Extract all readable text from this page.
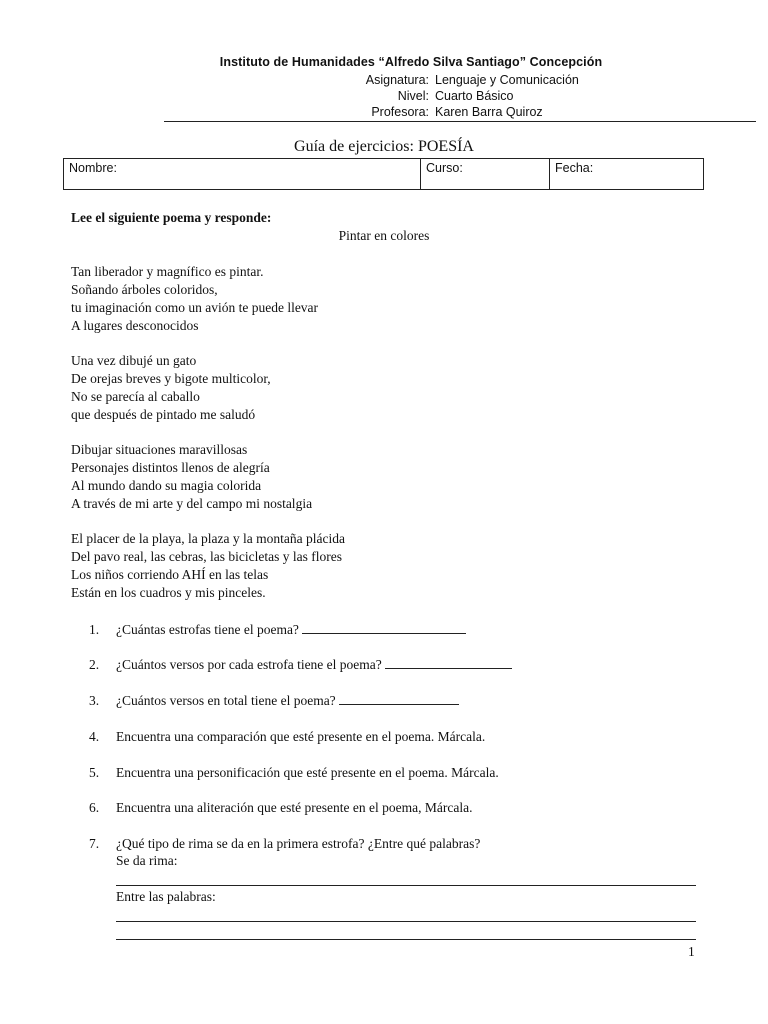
Instituto de Humanidades “Alfredo Silva Santiago” Concepción
Asignatura: Lenguaje y Comunicación
Nivel: Cuarto Básico
Profesora: Karen Barra Quiroz
Guía de ejercicios: POESÍA
Nombre:	Curso:	Fecha:
Lee el siguiente poema y responde:
Pintar en colores
Tan liberador y magnífico es pintar.
Soñando árboles coloridos,
tu imaginación como un avión te puede llevar
A lugares desconocidos
Una vez dibujé un gato
De orejas breves y bigote multicolor,
No se parecía al caballo
que después de pintado me saludó
Dibujar situaciones maravillosas
Personajes distintos llenos de alegría
Al mundo dando su magia colorida
A través de mi arte y del campo mi nostalgia
El placer de la playa, la plaza y la montaña plácida
Del pavo real, las cebras, las bicicletas y las flores
Los niños corriendo AHÍ en las telas
Están en los cuadros y mis pinceles.
1. ¿Cuántas estrofas tiene el poema?
2. ¿Cuántos versos por cada estrofa tiene el poema?
3. ¿Cuántos versos en total tiene el poema?
4. Encuentra una comparación que esté presente en el poema. Márcala.
5. Encuentra una personificación que esté presente en el poema. Márcala.
6. Encuentra una aliteración que esté presente en el poema, Márcala.
7. ¿Qué tipo de rima se da en la primera estrofa? ¿Entre qué palabras?
Se da rima:
Entre las palabras:
1
